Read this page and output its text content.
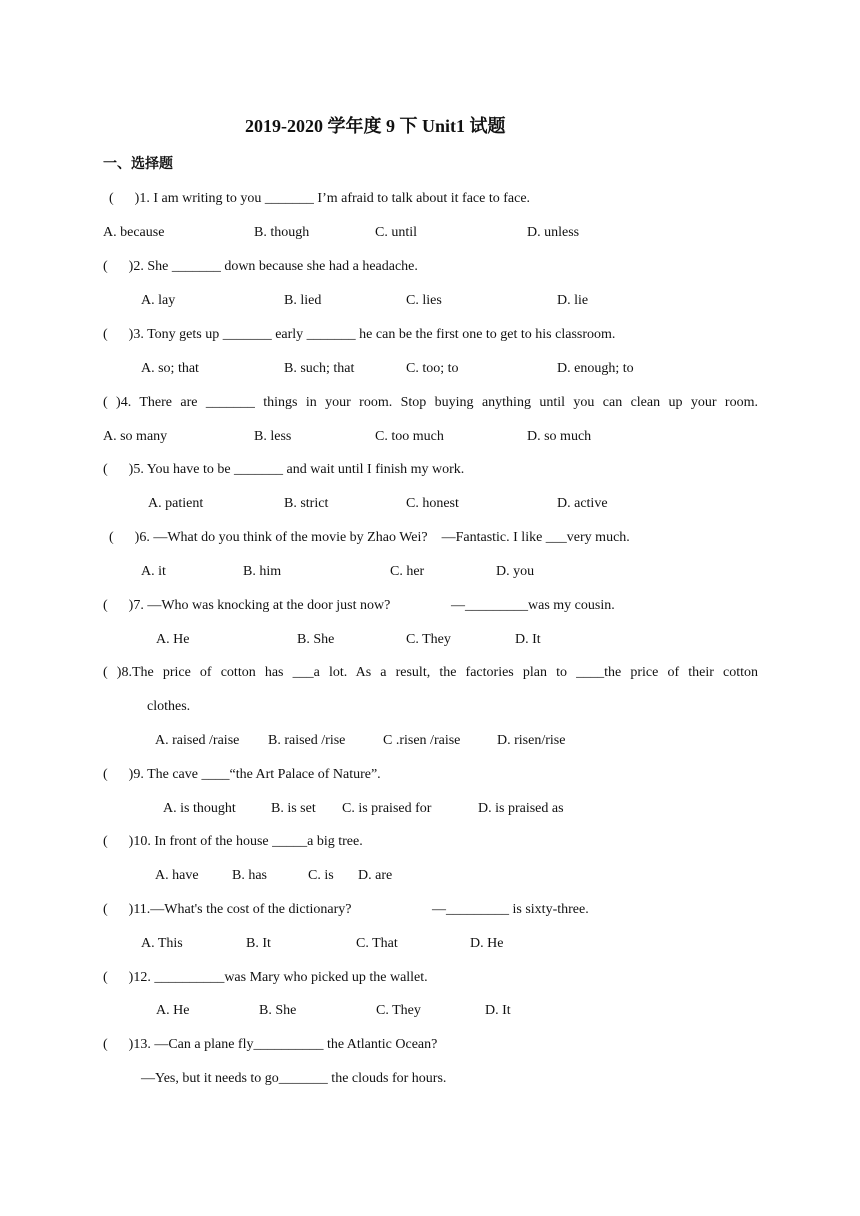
2019-2020 学年度 9 下 Unit1 试题
一、选择题
(      )1. I am writing to you _______ I’m afraid to talk about it face to face.
A. because	B. though	C. until	D. unless
(      )2. She _______ down because she had a headache.
A. lay	B. lied	C. lies	D. lie
(      )3. Tony gets up _______ early _______ he can be the first one to get to his classroom.
A. so; that	B. such; that	C. too; to	D. enough; to
( )4. There are _______ things in your room. Stop buying anything until you can clean up your room.
A. so many	B. less	C. too much	D. so much
(      )5. You have to be _______ and wait until I finish my work.
A. patient	B. strict	C. honest	D. active
(      )6. —What do you think of the movie by Zhao Wei?    —Fantastic. I like ___very much.
A. it	B. him	C. her	D. you
(      )7. —Who was knocking at the door just now?	—_________was my cousin.
A. He	B. She	C. They	D. It
( )8.The price of cotton has ___a lot. As a result, the factories plan to ____the price of their cotton
clothes.
A. raised /raise B. raised /rise	C .risen /raise	D. risen/rise
(      )9. The cave ____“the Art Palace of Nature”.
A. is thought	B. is set C. is praised for	D. is praised as
(      )10. In front of the house _____a big tree.
A. have B. has	C. is D. are
(      )11.—What's the cost of the dictionary?	—_________ is sixty-three.
A. This	B. It	C. That	D. He
(      )12. __________was Mary who picked up the wallet.
A. He	B. She	C. They	D. It
(      )13. —Can a plane fly__________ the Atlantic Ocean?
—Yes, but it needs to go_______ the clouds for hours.
